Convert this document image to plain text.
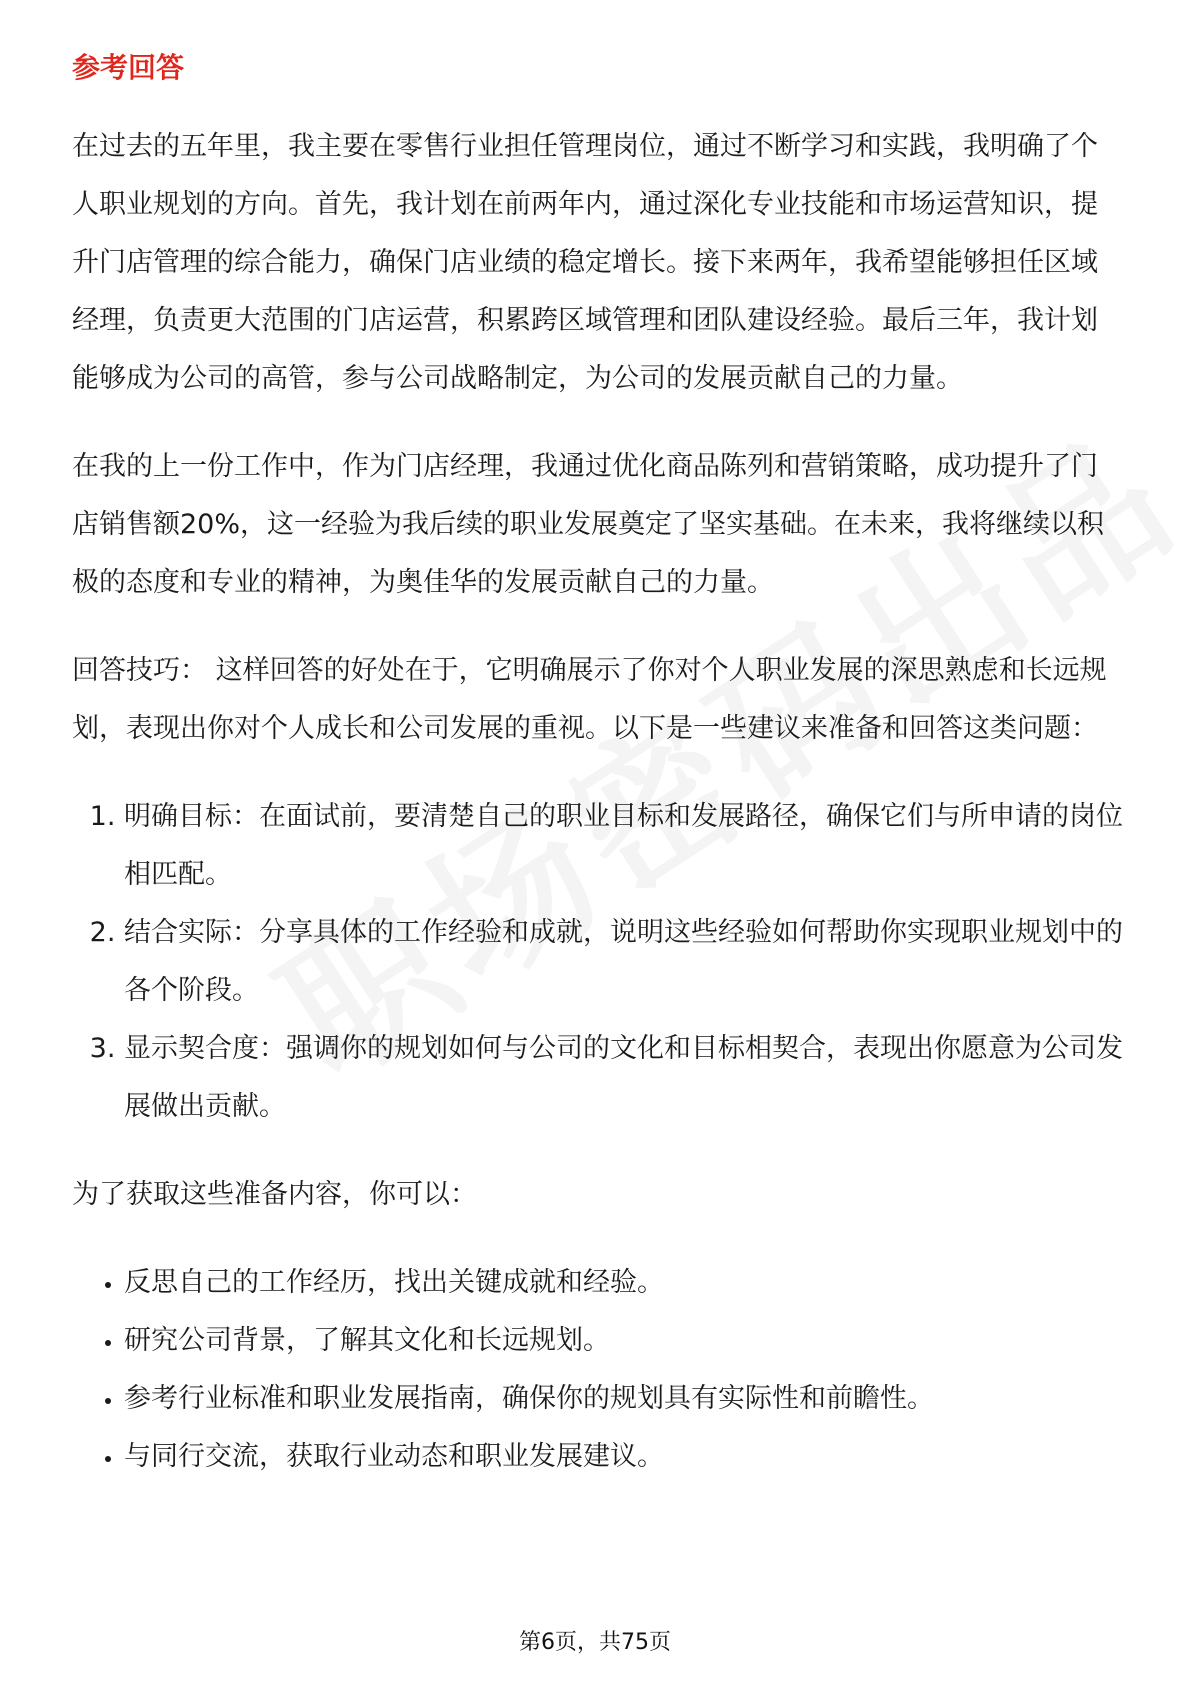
参考回答

在过去的五年里，我主要在零售行业担任管理岗位，通过不断学习和实践，我明确了个人职业规划的方向。首先，我计划在前两年内，通过深化专业技能和市场运营知识，提升门店管理的综合能力，确保门店业绩的稳定增长。接下来两年，我希望能够担任区域经理，负责更大范围的门店运营，积累跨区域管理和团队建设经验。最后三年，我计划能够成为公司的高管，参与公司战略制定，为公司的发展贡献自己的力量。

在我的上一份工作中，作为门店经理，我通过优化商品陈列和营销策略，成功提升了门店销售额20%，这一经验为我后续的职业发展奠定了坚实基础。在未来，我将继续以积极的态度和专业的精神，为奥佳华的发展贡献自己的力量。

回答技巧： 这样回答的好处在于，它明确展示了你对个人职业发展的深思熟虑和长远规划，表现出你对个人成长和公司发展的重视。以下是一些建议来准备和回答这类问题：

1. 明确目标：在面试前，要清楚自己的职业目标和发展路径，确保它们与所申请的岗位相匹配。
2. 结合实际：分享具体的工作经验和成就，说明这些经验如何帮助你实现职业规划中的各个阶段。
3. 显示契合度：强调你的规划如何与公司的文化和目标相契合，表现出你愿意为公司发展做出贡献。

为了获取这些准备内容，你可以：

• 反思自己的工作经历，找出关键成就和经验。
• 研究公司背景，了解其文化和长远规划。
• 参考行业标准和职业发展指南，确保你的规划具有实际性和前瞻性。
• 与同行交流，获取行业动态和职业发展建议。
第6页，共75页
